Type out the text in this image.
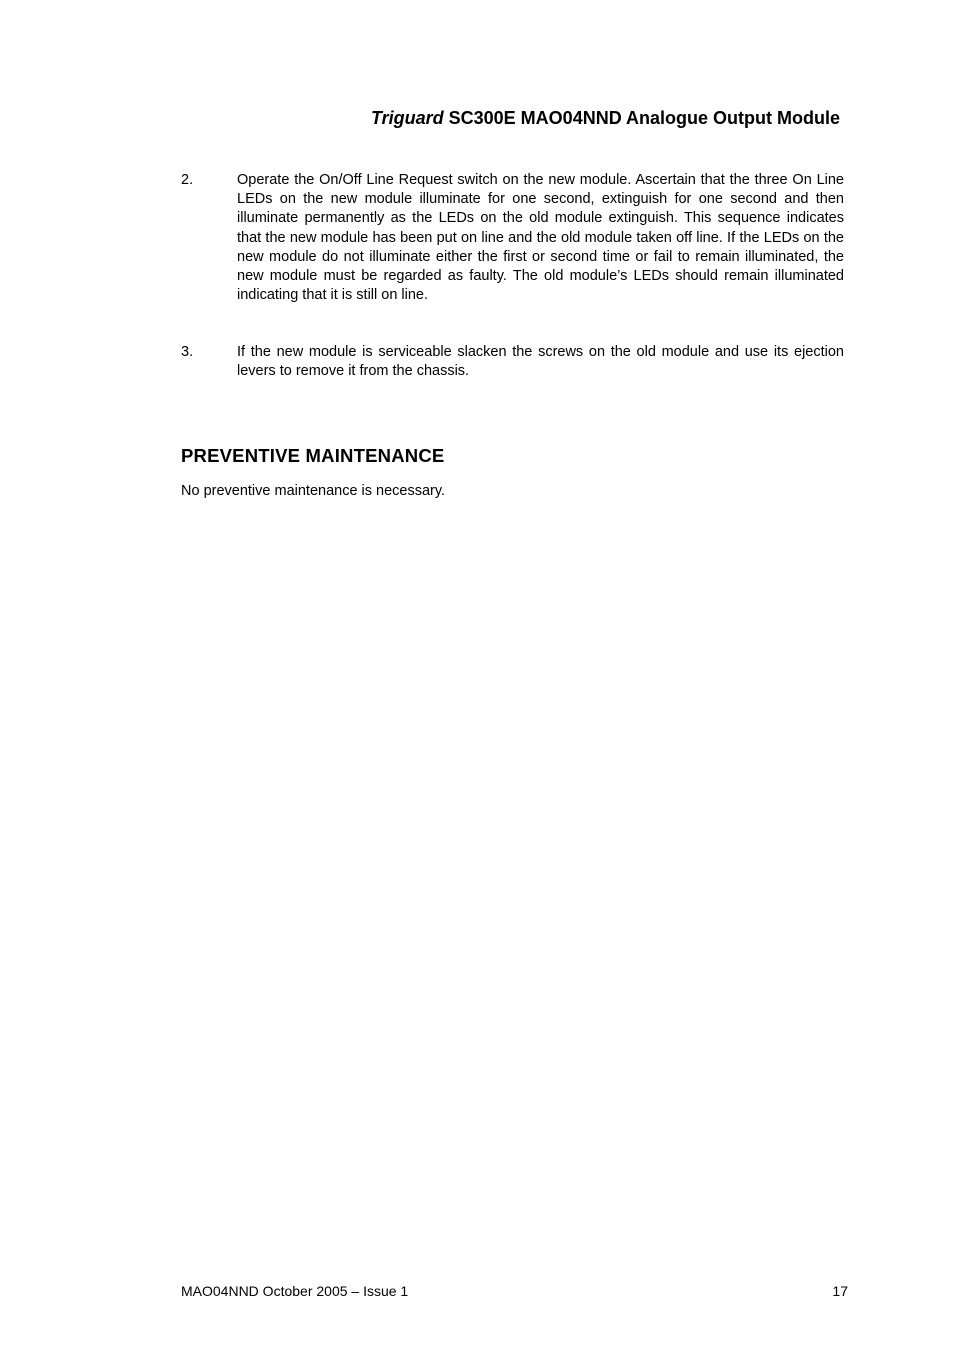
Triguard SC300E MAO04NND Analogue Output Module
2.	Operate the On/Off Line Request switch on the new module. Ascertain that the three On Line LEDs on the new module illuminate for one second, extinguish for one second and then illuminate permanently as the LEDs on the old module extinguish. This sequence indicates that the new module has been put on line and the old module taken off line. If the LEDs on the new module do not illuminate either the first or second time or fail to remain illuminated, the new module must be regarded as faulty. The old module’s LEDs should remain illuminated indicating that it is still on line.
3.	If the new module is serviceable slacken the screws on the old module and use its ejection levers to remove it from the chassis.
PREVENTIVE MAINTENANCE
No preventive maintenance is necessary.
MAO04NND October 2005 – Issue 1	17
